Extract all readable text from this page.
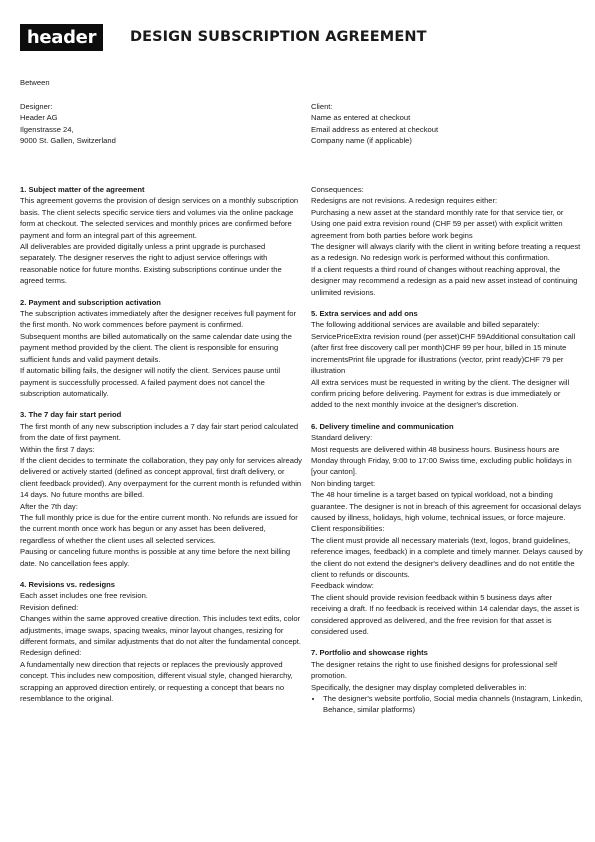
header	DESIGN SUBSCRIPTION AGREEMENT
Between
Designer:
Header AG
Ilgenstrasse 24,
9000 St. Gallen, Switzerland
Client:
Name as entered at checkout
Email address as entered at checkout
Company name (if applicable)
1. Subject matter of the agreement

This agreement governs the provision of design services on a monthly subscription basis. The client selects specific service tiers and volumes via the online package form at checkout. The selected services and monthly prices are confirmed before payment and form an integral part of this agreement.

All deliverables are provided digitally unless a print upgrade is purchased separately. The designer reserves the right to adjust service offerings with reasonable notice for future months. Existing subscriptions continue under the agreed terms.

2. Payment and subscription activation

The subscription activates immediately after the designer receives full payment for the first month. No work commences before payment is confirmed.

Subsequent months are billed automatically on the same calendar date using the payment method provided by the client. The client is responsible for ensuring sufficient funds and valid payment details.

If automatic billing fails, the designer will notify the client. Services pause until payment is successfully processed. A failed payment does not cancel the subscription automatically.

3. The 7 day fair start period

The first month of any new subscription includes a 7 day fair start period calculated from the date of first payment.

Within the first 7 days:

If the client decides to terminate the collaboration, they pay only for services already delivered or actively started (defined as concept approval, first draft delivery, or client feedback provided). Any overpayment for the current month is refunded within 14 days. No future months are billed.

After the 7th day:

The full monthly price is due for the entire current month. No refunds are issued for the current month once work has begun or any asset has been delivered, regardless of whether the client uses all selected services.

Pausing or canceling future months is possible at any time before the next billing date. No cancellation fees apply.

4. Revisions vs. redesigns

Each asset includes one free revision.

Revision defined:

Changes within the same approved creative direction. This includes text edits, color adjustments, image swaps, spacing tweaks, minor layout changes, resizing for different formats, and similar adjustments that do not alter the fundamental concept.

Redesign defined:

A fundamentally new direction that rejects or replaces the previously approved concept. This includes new composition, different visual style, changed hierarchy, scrapping an approved direction entirely, or requesting a concept that bears no resemblance to the original.

Consequences:

Redesigns are not revisions. A redesign requires either:

Purchasing a new asset at the standard monthly rate for that service tier, or

Using one paid extra revision round (CHF 59 per asset) with explicit written agreement from both parties before work begins

The designer will always clarify with the client in writing before treating a request as a redesign. No redesign work is performed without this confirmation.

If a client requests a third round of changes without reaching approval, the designer may recommend a redesign as a paid new asset instead of continuing unlimited revisions.

5. Extra services and add ons

The following additional services are available and billed separately:

ServicePriceExtra revision round (per asset)CHF 59Additional consultation call (after first free discovery call per month)CHF 99 per hour, billed in 15 minute incrementsPrint file upgrade for illustrations (vector, print ready)CHF 79 per illustration

All extra services must be requested in writing by the client. The designer will confirm pricing before delivering. Payment for extras is due immediately or added to the next monthly invoice at the designer's discretion.

6. Delivery timeline and communication

Standard delivery:

Most requests are delivered within 48 business hours. Business hours are Monday through Friday, 9:00 to 17:00 Swiss time, excluding public holidays in [your canton].

Non binding target:

The 48 hour timeline is a target based on typical workload, not a binding guarantee. The designer is not in breach of this agreement for occasional delays caused by illness, holidays, high volume, technical issues, or force majeure.

Client responsibilities:

The client must provide all necessary materials (text, logos, brand guidelines, reference images, feedback) in a complete and timely manner. Delays caused by the client do not extend the designer's delivery deadlines and do not entitle the client to refunds or discounts.

Feedback window:

The client should provide revision feedback within 5 business days after receiving a draft. If no feedback is received within 14 calendar days, the asset is considered approved as delivered, and the free revision for that asset is considered used.

7. Portfolio and showcase rights

The designer retains the right to use finished designs for professional self promotion.

Specifically, the designer may display completed deliverables in:

• The designer's website portfolio, Social media channels (Instagram, Linkedin, Behance, similar platforms)
